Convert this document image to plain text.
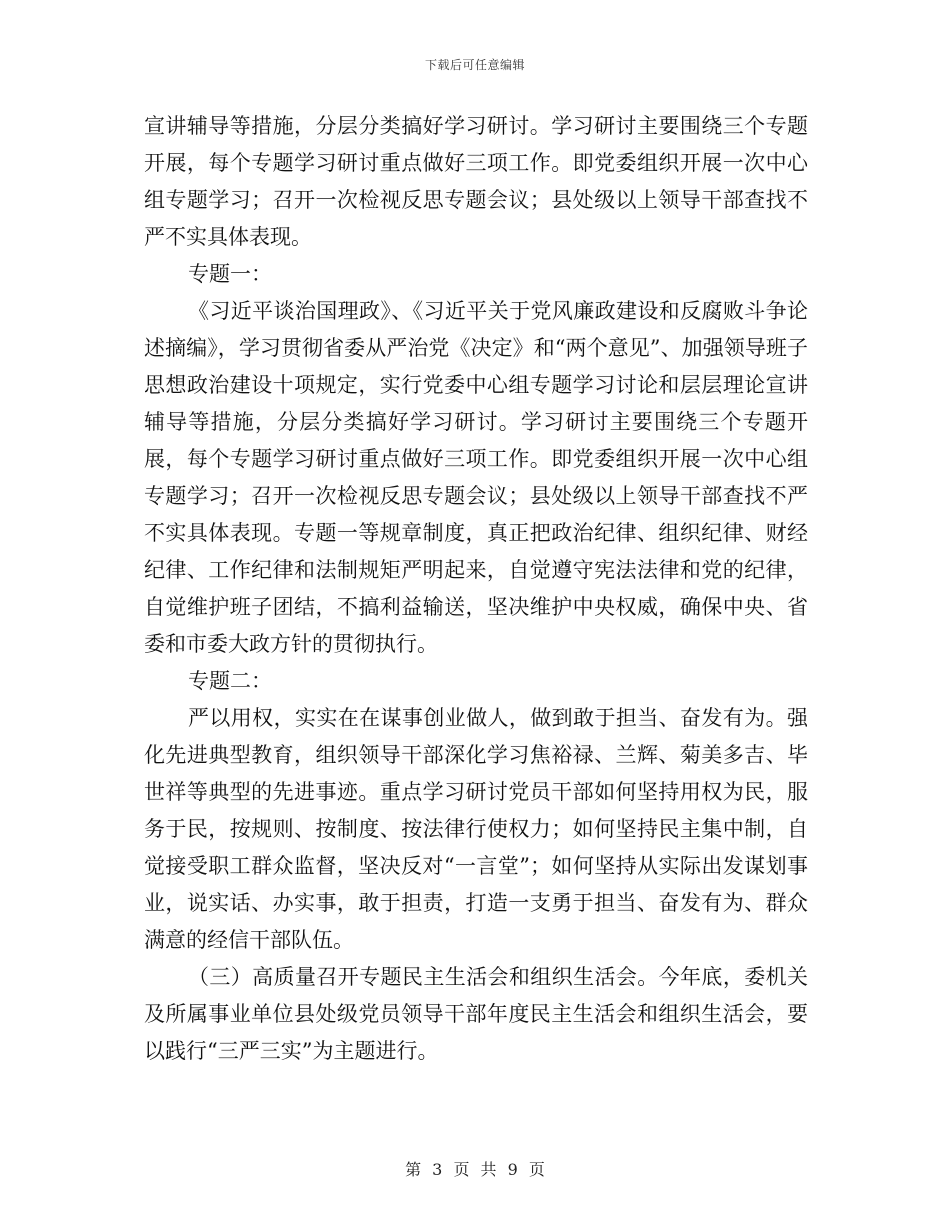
下载后可任意编辑

宣讲辅导等措施，分层分类搞好学习研讨。学习研讨主要围绕三个专题开展，每个专题学习研讨重点做好三项工作。即党委组织开展一次中心组专题学习；召开一次检视反思专题会议；县处级以上领导干部查找不严不实具体表现。

专题一：

《习近平谈治国理政》、《习近平关于党风廉政建设和反腐败斗争论述摘编》，学习贯彻省委从严治党《决定》和“两个意见”、加强领导班子思想政治建设十项规定，实行党委中心组专题学习讨论和层层理论宣讲辅导等措施，分层分类搞好学习研讨。学习研讨主要围绕三个专题开展，每个专题学习研讨重点做好三项工作。即党委组织开展一次中心组专题学习；召开一次检视反思专题会议；县处级以上领导干部查找不严不实具体表现。专题一等规章制度，真正把政治纪律、组织纪律、财经纪律、工作纪律和法制规矩严明起来，自觉遵守宪法法律和党的纪律，自觉维护班子团结，不搞利益输送，坚决维护中央权威，确保中央、省委和市委大政方针的贯彻执行。

专题二：

严以用权，实实在在谋事创业做人，做到敢于担当、奋发有为。强化先进典型教育，组织领导干部深化学习焦裕禄、兰辉、菊美多吉、毕世祥等典型的先进事迹。重点学习研讨党员干部如何坚持用权为民，服务于民，按规则、按制度、按法律行使权力；如何坚持民主集中制，自觉接受职工群众监督，坚决反对“一言堂”；如何坚持从实际出发谋划事业，说实话、办实事，敢于担责，打造一支勇于担当、奋发有为、群众满意的经信干部队伍。

（三）高质量召开专题民主生活会和组织生活会。今年底，委机关及所属事业单位县处级党员领导干部年度民主生活会和组织生活会，要以践行“三严三实”为主题进行。

第 3 页 共 9 页
